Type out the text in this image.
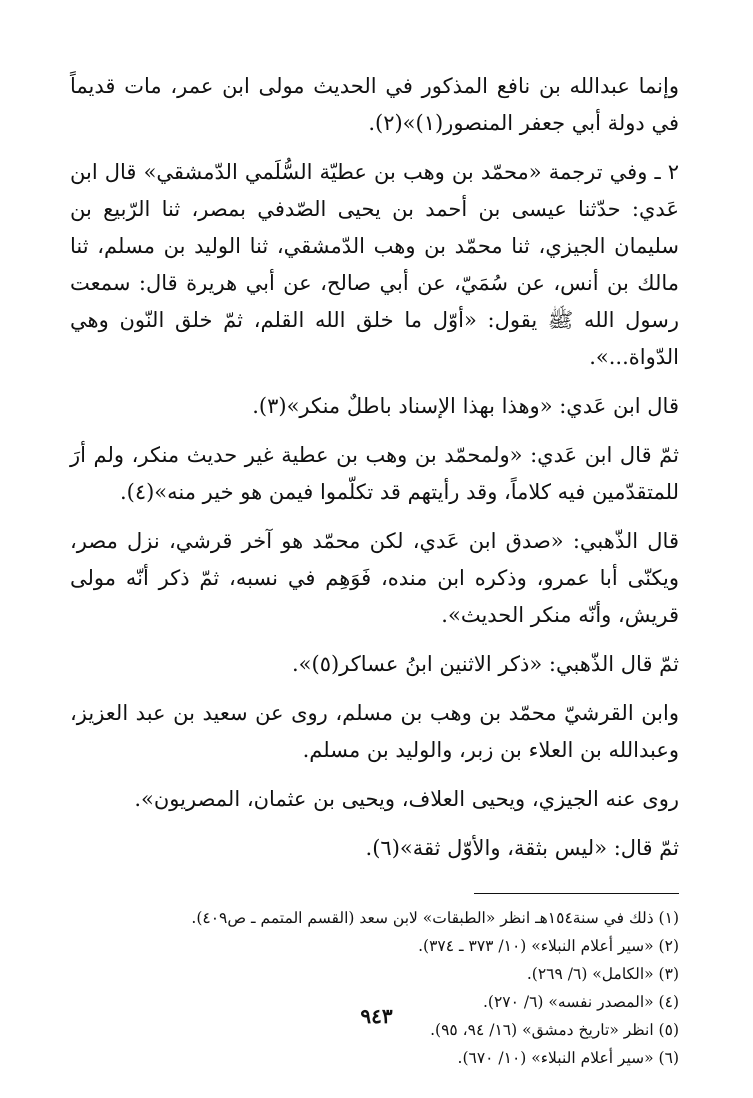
وإنما عبدالله بن نافع المذكور في الحديث مولى ابن عمر، مات قديماً في دولة أبي جعفر المنصور(١)»(٢).

٢ ـ وفي ترجمة «محمّد بن وهب بن عطيّة السُّلَمي الدّمشقي» قال ابن عَدي: حدّثنا عيسى بن أحمد بن يحيى الصّدفي بمصر، ثنا الرّبيع بن سليمان الجيزي، ثنا محمّد بن وهب الدّمشقي، ثنا الوليد بن مسلم، ثنا مالك بن أنس، عن سُمَيّ، عن أبي صالح، عن أبي هريرة قال: سمعت رسول الله ﷺ يقول: «أوّل ما خلق الله القلم، ثمّ خلق النّون وهي الدّواة...».

قال ابن عَدي: «وهذا بهذا الإسناد باطلٌ منكر»(٣).

ثمّ قال ابن عَدي: «ولمحمّد بن وهب بن عطية غير حديث منكر، ولم أرَ للمتقدّمين فيه كلاماً، وقد رأيتهم قد تكلّموا فيمن هو خير منه»(٤).

قال الذّهبي: «صدق ابن عَدي، لكن محمّد هو آخر قرشي، نزل مصر، ويكنّى أبا عمرو، وذكره ابن منده، فَوَهِم في نسبه، ثمّ ذكر أنّه مولى قريش، وأنّه منكر الحديث».

ثمّ قال الذّهبي: «ذكر الاثنين ابنُ عساكر(٥)».

وابن القرشيّ محمّد بن وهب بن مسلم، روى عن سعيد بن عبد العزيز، وعبدالله بن العلاء بن زبر، والوليد بن مسلم.

روى عنه الجيزي، ويحيى العلاف، ويحيى بن عثمان، المصريون».

ثمّ قال: «ليس بثقة، والأوّل ثقة»(٦).

(١) ذلك في سنة١٥٤هـ انظر «الطبقات» لابن سعد (القسم المتمم ـ ص٤٠٩).

(٢) «سير أعلام النبلاء» (١٠/ ٣٧٣ ـ ٣٧٤).

(٣) «الكامل» (٦/ ٢٦٩).

(٤) «المصدر نفسه» (٦/ ٢٧٠).

(٥) انظر «تاريخ دمشق» (١٦/ ٩٤، ٩٥).

(٦) «سير أعلام النبلاء» (١٠/ ٦٧٠).

٩٤٣
